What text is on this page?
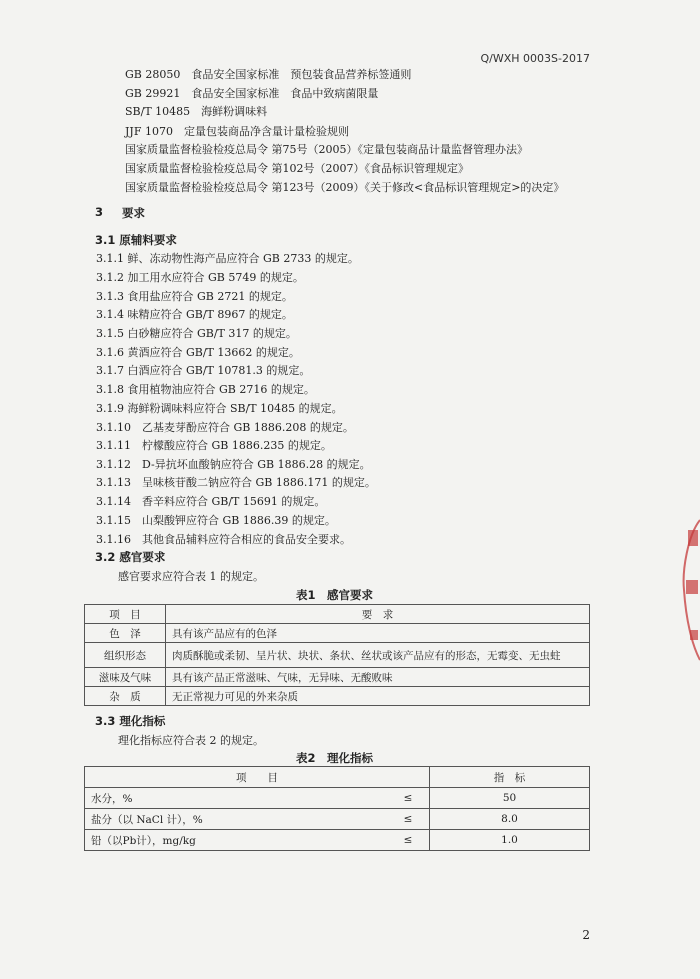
Q/WXH 0003S-2017
GB 28050　食品安全国家标准　预包装食品营养标签通则
GB 29921　食品安全国家标准　食品中致病菌限量
SB/T 10485　海鲜粉调味料
JJF 1070　定量包装商品净含量计量检验规则
国家质量监督检验检疫总局令 第75号（2005）《定量包装商品计量监督管理办法》
国家质量监督检验检疫总局令 第102号（2007）《食品标识管理规定》
国家质量监督检验检疫总局令 第123号（2009）《关于修改<食品标识管理规定>的决定》
3 要求
3.1 原辅料要求
3.1.1 鲜、冻动物性海产品应符合 GB 2733 的规定。
3.1.2 加工用水应符合 GB 5749 的规定。
3.1.3 食用盐应符合 GB 2721 的规定。
3.1.4 味精应符合 GB/T 8967 的规定。
3.1.5 白砂糖应符合 GB/T 317 的规定。
3.1.6 黄酒应符合 GB/T 13662 的规定。
3.1.7 白酒应符合 GB/T 10781.3 的规定。
3.1.8 食用植物油应符合 GB 2716 的规定。
3.1.9 海鲜粉调味料应符合 SB/T 10485 的规定。
3.1.10　乙基麦芽酚应符合 GB 1886.208 的规定。
3.1.11　柠檬酸应符合 GB 1886.235 的规定。
3.1.12　D-异抗坏血酸钠应符合 GB 1886.28 的规定。
3.1.13　呈味核苷酸二钠应符合 GB 1886.171 的规定。
3.1.14　香辛料应符合 GB/T 15691 的规定。
3.1.15　山梨酸钾应符合 GB 1886.39 的规定。
3.1.16　其他食品辅料应符合相应的食品安全要求。
3.2 感官要求
感官要求应符合表 1 的规定。
表1　感官要求
项　目	要　求
色　泽	具有该产品应有的色泽
组织形态	肉质酥脆或柔韧、呈片状、块状、条状、丝状或该产品应有的形态，无霉变、无虫蛀
滋味及气味	具有该产品正常滋味、气味，无异味、无酸败味
杂　质	无正常视力可见的外来杂质
3.3 理化指标
理化指标应符合表 2 的规定。
表2　理化指标
项　　目		指　标
水分，%	≤	50
盐分（以 NaCl 计），%	≤	8.0
铅（以Pb计），mg/kg	≤	1.0
2
